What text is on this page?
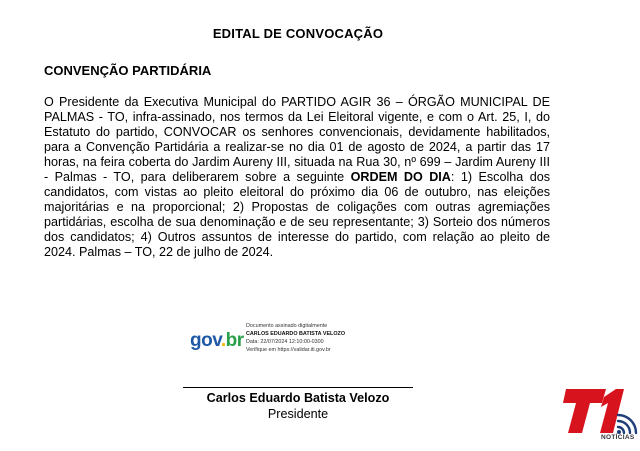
EDITAL DE CONVOCAÇÃO
CONVENÇÃO PARTIDÁRIA
O Presidente da Executiva Municipal do PARTIDO AGIR 36 – ÓRGÃO MUNICIPAL DE PALMAS - TO, infra-assinado, nos termos da Lei Eleitoral vigente, e com o Art. 25, I, do Estatuto do partido, CONVOCAR os senhores convencionais, devidamente habilitados, para a Convenção Partidária a realizar-se no dia 01 de agosto de 2024, a partir das 17 horas, na feira coberta do Jardim Aureny III, situada na Rua 30, nº 699 – Jardim Aureny III - Palmas - TO, para deliberarem sobre a seguinte ORDEM DO DIA: 1) Escolha dos candidatos, com vistas ao pleito eleitoral do próximo dia 06 de outubro, nas eleições majoritárias e na proporcional; 2) Propostas de coligações com outras agremiações partidárias, escolha de sua denominação e de seu representante; 3) Sorteio dos números dos candidatos; 4) Outros assuntos de interesse do partido, com relação ao pleito de 2024. Palmas – TO, 22 de julho de 2024.
gov.br
Documento assinado digitalmente
CARLOS EDUARDO BATISTA VELOZO
Data: 22/07/2024 12:10:00-0300
Verifique em https://validar.iti.gov.br
Carlos Eduardo Batista Velozo
Presidente
NOTÍCIAS
